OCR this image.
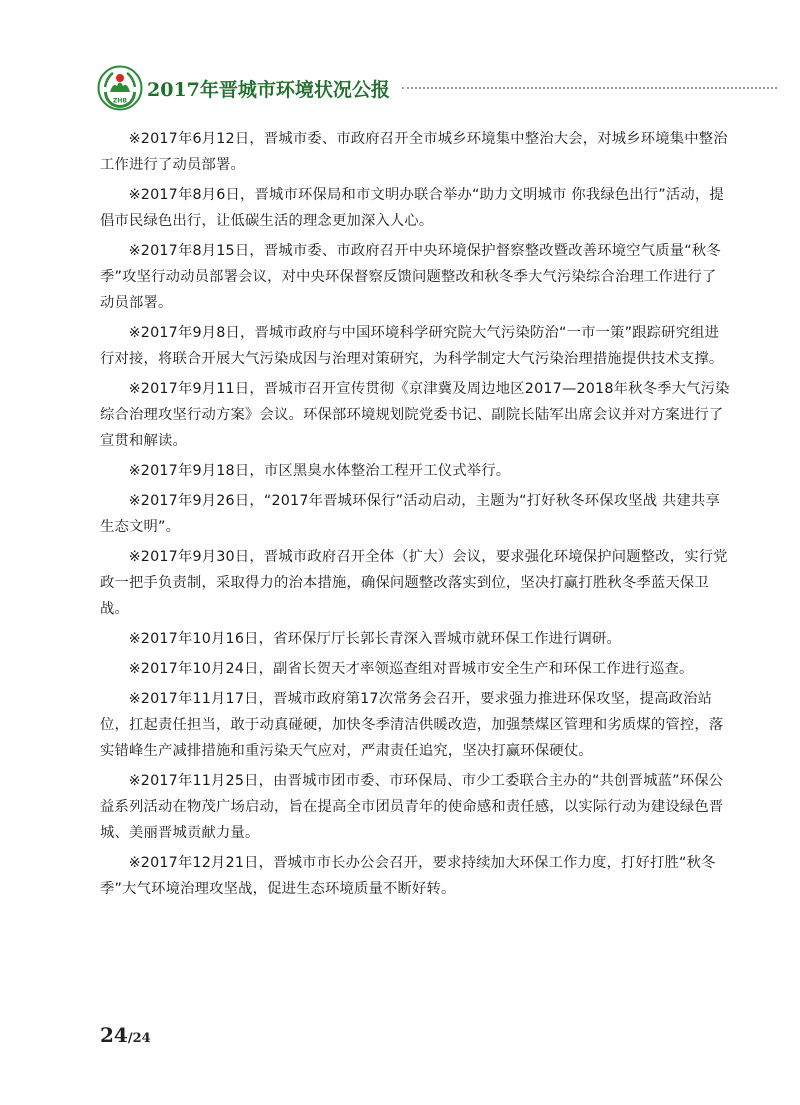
ZHB 2017年晋城市环境状况公报

※2017年6月12日，晋城市委、市政府召开全市城乡环境集中整治大会，对城乡环境集中整治工作进行了动员部署。

※2017年8月6日，晋城市环保局和市文明办联合举办“助力文明城市 你我绿色出行”活动，提倡市民绿色出行，让低碳生活的理念更加深入人心。

※2017年8月15日，晋城市委、市政府召开中央环境保护督察整改暨改善环境空气质量“秋冬季”攻坚行动动员部署会议，对中央环保督察反馈问题整改和秋冬季大气污染综合治理工作进行了动员部署。

※2017年9月8日，晋城市政府与中国环境科学研究院大气污染防治“一市一策”跟踪研究组进行对接，将联合开展大气污染成因与治理对策研究，为科学制定大气污染治理措施提供技术支撑。

※2017年9月11日，晋城市召开宣传贯彻《京津冀及周边地区2017—2018年秋冬季大气污染综合治理攻坚行动方案》会议。环保部环境规划院党委书记、副院长陆军出席会议并对方案进行了宣贯和解读。

※2017年9月18日，市区黑臭水体整治工程开工仪式举行。

※2017年9月26日，“2017年晋城环保行”活动启动，主题为“打好秋冬环保攻坚战 共建共享生态文明”。

※2017年9月30日，晋城市政府召开全体（扩大）会议，要求强化环境保护问题整改，实行党政一把手负责制，采取得力的治本措施，确保问题整改落实到位，坚决打赢打胜秋冬季蓝天保卫战。

※2017年10月16日，省环保厅厅长郭长青深入晋城市就环保工作进行调研。

※2017年10月24日，副省长贺天才率领巡查组对晋城市安全生产和环保工作进行巡查。

※2017年11月17日，晋城市政府第17次常务会召开，要求强力推进环保攻坚，提高政治站位，扛起责任担当，敢于动真碰硬，加快冬季清洁供暖改造，加强禁煤区管理和劣质煤的管控，落实错峰生产减排措施和重污染天气应对，严肃责任追究，坚决打赢环保硬仗。

※2017年11月25日，由晋城市团市委、市环保局、市少工委联合主办的“共创晋城蓝”环保公益系列活动在物茂广场启动，旨在提高全市团员青年的使命感和责任感，以实际行动为建设绿色晋城、美丽晋城贡献力量。

※2017年12月21日，晋城市市长办公会召开，要求持续加大环保工作力度，打好打胜“秋冬季”大气环境治理攻坚战，促进生态环境质量不断好转。

24/24
